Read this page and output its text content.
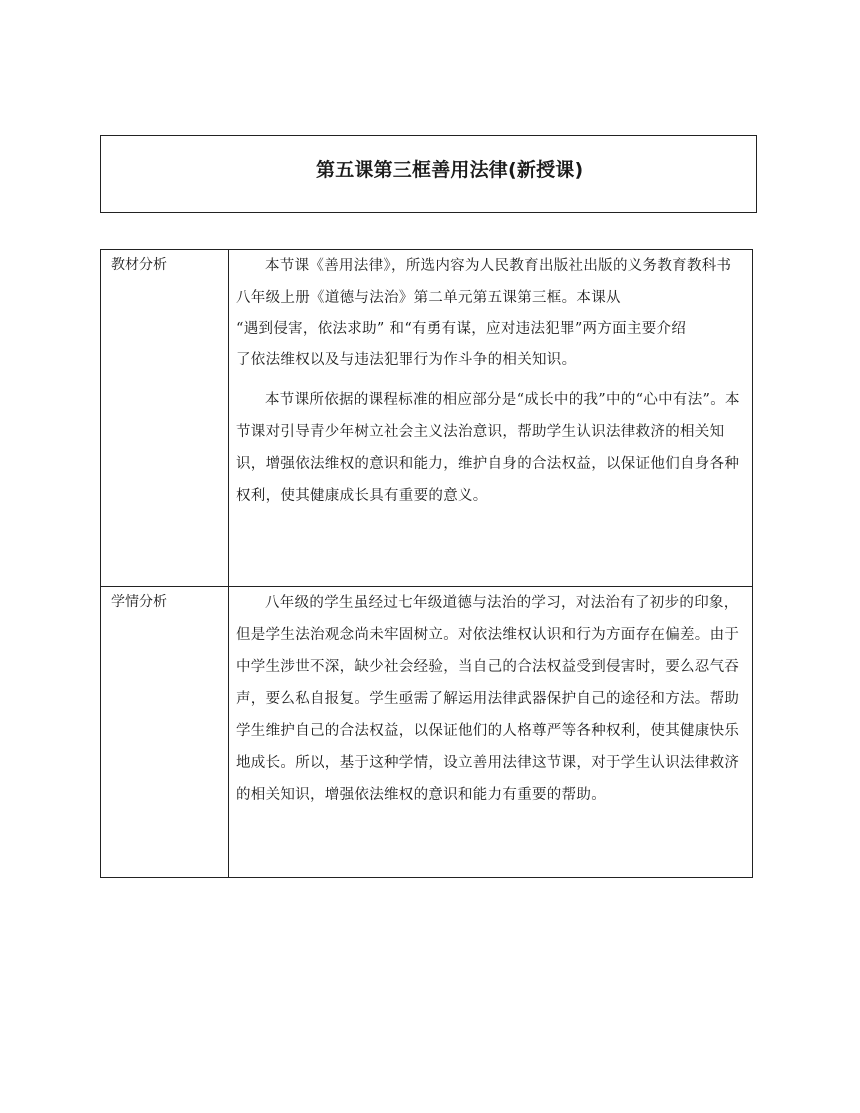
第五课第三框善用法律(新授课)
教材分析	本节课《善用法律》，所选内容为人民教育出版社出版的义务教育教科书八年级上册《道德与法治》第二单元第五课第三框。本课从

“遇到侵害，依法求助” 和“有勇有谋，应对违法犯罪”两方面主要介绍

了依法维权以及与违法犯罪行为作斗争的相关知识。

本节课所依据的课程标准的相应部分是“成长中的我”中的“心中有法”。本节课对引导青少年树立社会主义法治意识，帮助学生认识法律救济的相关知识，增强依法维权的意识和能力，维护自身的合法权益，以保证他们自身各种权利，使其健康成长具有重要的意义。

学情分析	八年级的学生虽经过七年级道德与法治的学习，对法治有了初步的印象，但是学生法治观念尚未牢固树立。对依法维权认识和行为方面存在偏差。由于中学生涉世不深，缺少社会经验，当自己的合法权益受到侵害时，要么忍气吞声，要么私自报复。学生亟需了解运用法律武器保护自己的途径和方法。帮助学生维护自己的合法权益，以保证他们的人格尊严等各种权利，使其健康快乐地成长。所以，基于这种学情，设立善用法律这节课，对于学生认识法律救济的相关知识，增强依法维权的意识和能力有重要的帮助。
